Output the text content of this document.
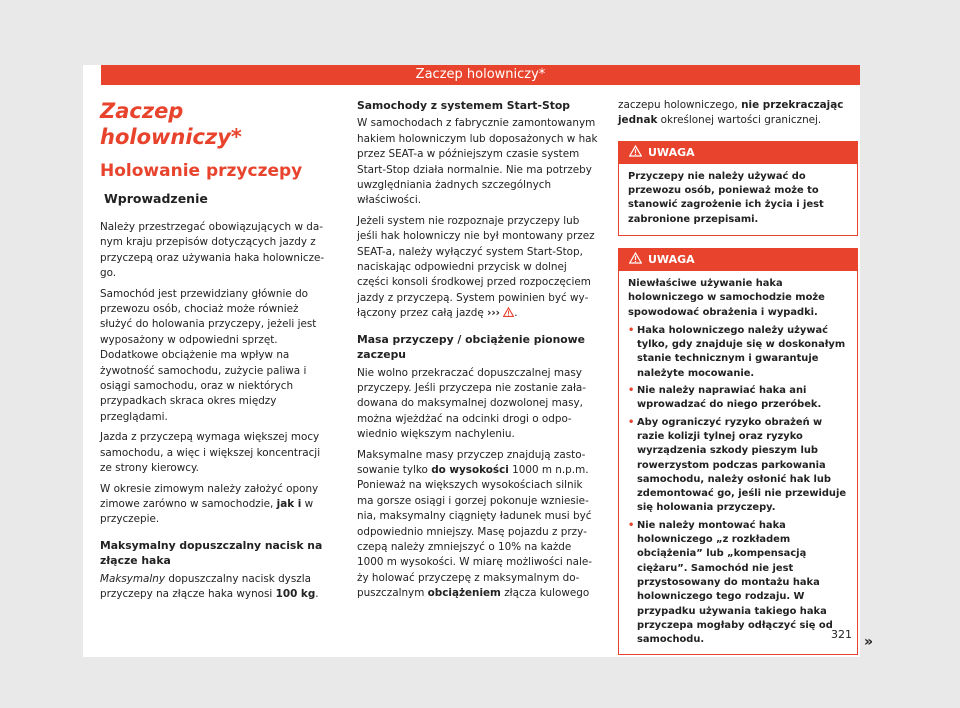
Zaczep holowniczy*
Zaczep holowniczy*
Holowanie przyczepy
Wprowadzenie

Należy przestrzegać obowiązujących w danym kraju przepisów dotyczących jazdy z przyczepą oraz używania haka holowniczego.

Samochód jest przewidziany głównie do przewozu osób, chociaż może również służyć do holowania przyczepy, jeżeli jest wyposażony w odpowiedni sprzęt. Dodatkowe obciążenie ma wpływ na żywotność samochodu, zużycie paliwa i osiągi samochodu, oraz w niektórych przypadkach skraca okres między przeglądami.

Jazda z przyczepą wymaga większej mocy samochodu, a więc i większej koncentracji ze strony kierowcy.

W okresie zimowym należy założyć opony zimowe zarówno w samochodzie, jak i w przyczepie.

Maksymalny dopuszczalny nacisk na złącze haka

Maksymalny dopuszczalny nacisk dyszla przyczepy na złącze haka wynosi 100 kg.

Samochody z systemem Start-Stop

W samochodach z fabrycznie zamontowanym hakiem holowniczym lub doposażonych w hak przez SEAT-a w późniejszym czasie system Start-Stop działa normalnie. Nie ma potrzeby uwzględniania żadnych szczególnych właściwości.

Jeżeli system nie rozpoznaje przyczepy lub jeśli hak holowniczy nie był montowany przez SEAT-a, należy wyłączyć system Start-Stop, naciskając odpowiedni przycisk w dolnej części konsoli środkowej przed rozpoczęciem jazdy z przyczepą. System powinien być wyłączony przez całą jazdę ››› .

Masa przyczepy / obciążenie pionowe zaczepu

Nie wolno przekraczać dopuszczalnej masy przyczepy. Jeśli przyczepa nie zostanie załadowana do maksymalnej dozwolonej masy, można wjeżdżać na odcinki drogi o odpowiednio większym nachyleniu.

Maksymalne masy przyczep znajdują zastosowanie tylko do wysokości 1000 m n.p.m. Ponieważ na większych wysokościach silnik ma gorsze osiągi i gorzej pokonuje wzniesienia, maksymalny ciągnięty ładunek musi być odpowiednio mniejszy. Masę pojazdu z przyczepą należy zmniejszyć o 10% na każde 1000 m wysokości. W miarę możliwości należy holować przyczepę z maksymalnym dopuszczalnym obciążeniem złącza kulowego

zaczepu holowniczego, nie przekraczając jednak określonej wartości granicznej.

UWAGA

Przyczepy nie należy używać do przewozu osób, ponieważ może to stanowić zagrożenie ich życia i jest zabronione przepisami.

UWAGA

Niewłaściwe używanie haka holowniczego w samochodzie może spowodować obrażenia i wypadki.

• Haka holowniczego należy używać tylko, gdy znajduje się w doskonałym stanie technicznym i gwarantuje należyte mocowanie.
• Nie należy naprawiać haka ani wprowadzać do niego przeróbek.
• Aby ograniczyć ryzyko obrażeń w razie kolizji tylnej oraz ryzyko wyrządzenia szkody pieszym lub rowerzystom podczas parkowania samochodu, należy osłonić hak lub zdemontować go, jeśli nie przewiduje się holowania przyczepy.
• Nie należy montować haka holowniczego „z rozkładem obciążenia” lub „kompensacją ciężaru”. Samochód nie jest przystosowany do montażu haka holowniczego tego rodzaju. W przypadku używania takiego haka przyczepa mogłaby odłączyć się od samochodu.	»
321
